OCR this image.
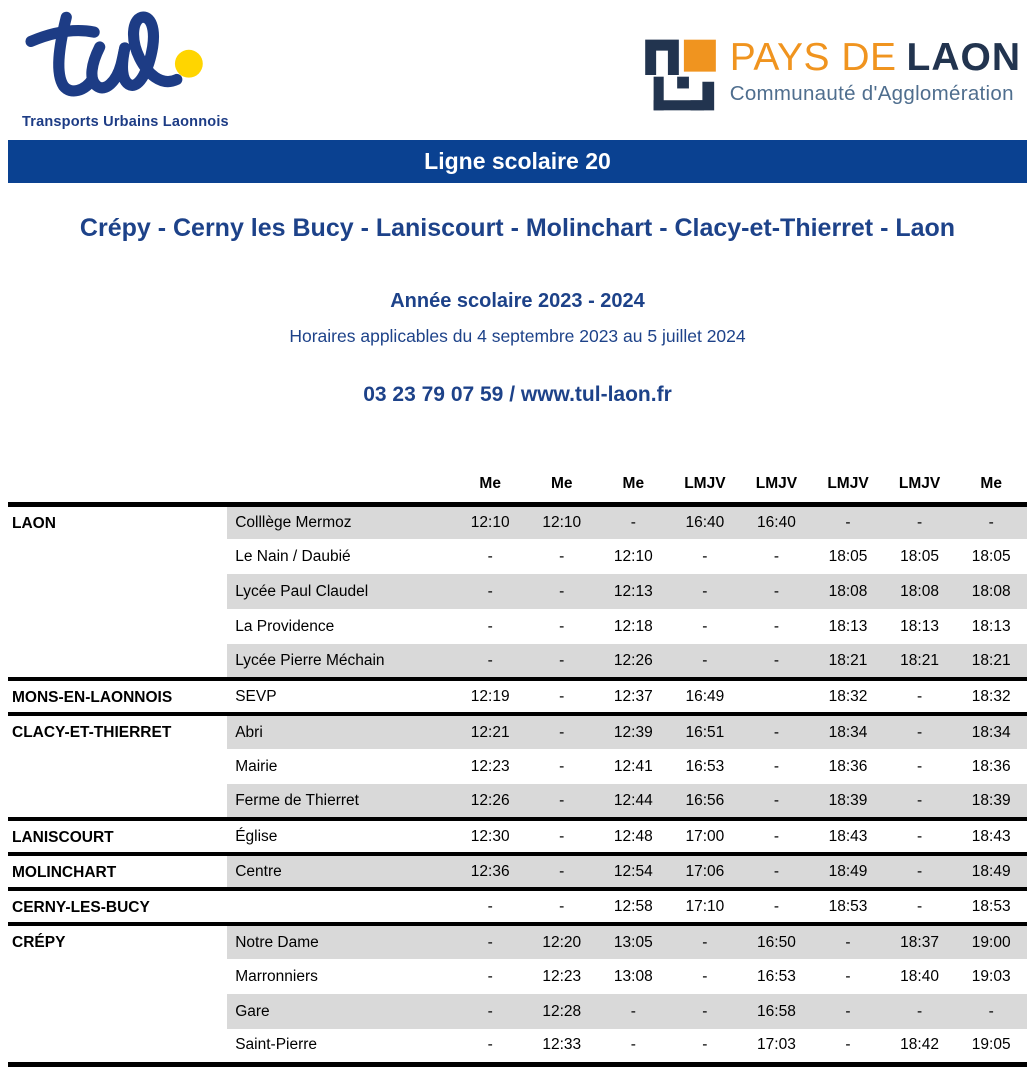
Transports Urbains Laonnois
PAYS DE LAON
Communauté d'Agglomération
Ligne scolaire 20
Crépy - Cerny les Bucy - Laniscourt - Molinchart - Clacy-et-Thierret - Laon
Année scolaire 2023 - 2024
Horaires applicables du 4 septembre 2023 au 5 juillet 2024
03 23 79 07 59 / www.tul-laon.fr
		Me	Me	Me	LMJV	LMJV	LMJV	LMJV	Me
LAON	Colllège Mermoz	12:10	12:10	-	16:40	16:40	-	-	-
	Le Nain / Daubié	-	-	12:10	-	-	18:05	18:05	18:05
	Lycée Paul Claudel	-	-	12:13	-	-	18:08	18:08	18:08
	La Providence	-	-	12:18	-	-	18:13	18:13	18:13
	Lycée Pierre Méchain	-	-	12:26	-	-	18:21	18:21	18:21
MONS-EN-LAONNOIS	SEVP	12:19	-	12:37	16:49		18:32	-	18:32
CLACY-ET-THIERRET	Abri	12:21	-	12:39	16:51	-	18:34	-	18:34
	Mairie	12:23	-	12:41	16:53	-	18:36	-	18:36
	Ferme de Thierret	12:26	-	12:44	16:56	-	18:39	-	18:39
LANISCOURT	Église	12:30	-	12:48	17:00	-	18:43	-	18:43
MOLINCHART	Centre	12:36	-	12:54	17:06	-	18:49	-	18:49
CERNY-LES-BUCY		-	-	12:58	17:10	-	18:53	-	18:53
CRÉPY	Notre Dame	-	12:20	13:05	-	16:50	-	18:37	19:00
	Marronniers	-	12:23	13:08	-	16:53	-	18:40	19:03
	Gare	-	12:28	-	-	16:58	-	-	-
	Saint-Pierre	-	12:33	-	-	17:03	-	18:42	19:05
